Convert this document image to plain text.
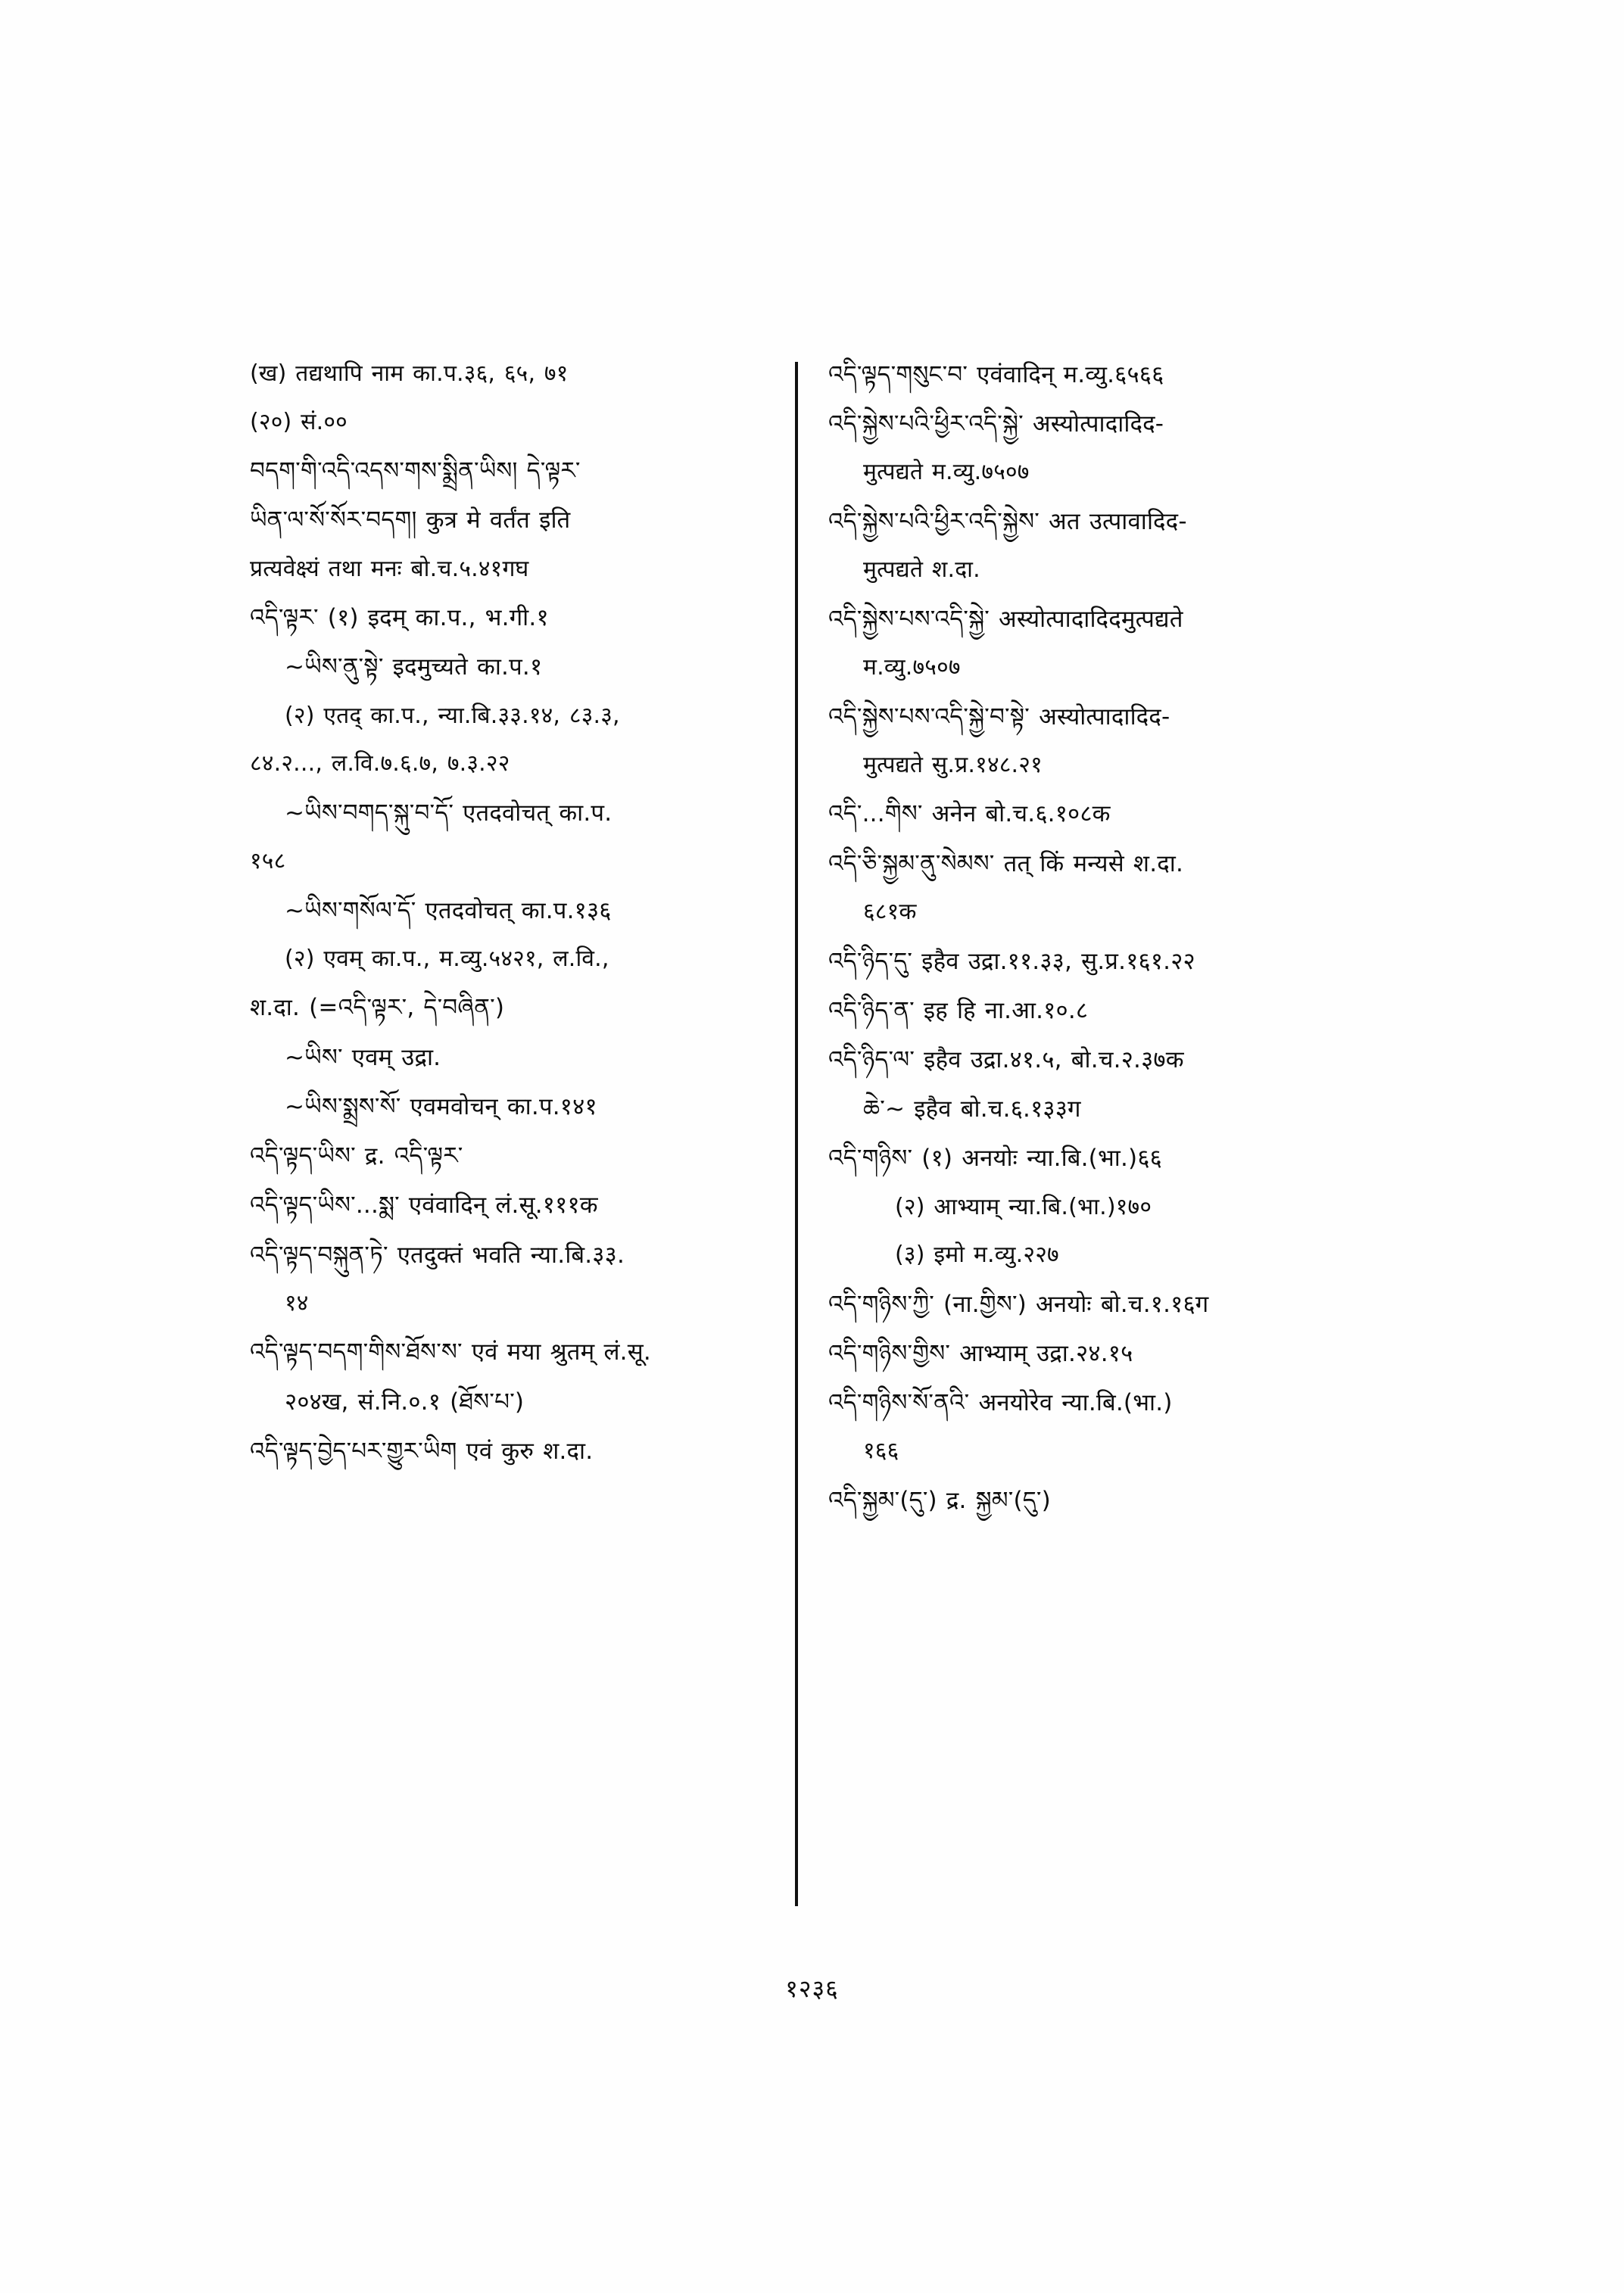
(ख) तद्यथापि नाम का.प.३६, ६५, ७१
(२०) सं.००
བདག་གི་འདི་འདས་གས་སྨྲིན་ཡིས། དེ་ལྟར་
ཡིན་ལ་སོ་སོར་བདག། कुत्र मे वर्तंत इति
प्रत्यवेक्ष्यं तथा मनः बो.च.५.४१गघ
འདི་ལྟར་ (१) इदम् का.प., भ.गी.१
~ཡིས་ནུ་སྟེ་ इदमुच्यते का.प.१
(२) एतद् का.प., न्या.बि.३३.१४, ८३.३,
८४.२..., ल.वि.७.६.७, ७.३.२२
~ཡིས་བགད་སྐུ་བ་དོ་ एतदवोचत् का.प.
१५८
~ཡིས་གསོལ་དོ་ एतदवोचत् का.प.१३६
(२) एवम् का.प., म.व्यु.५४२१, ल.वि.,
श.दा. (=འདི་ལྟར་, དེ་བཞིན་)
~ཡིས་ एवम् उद्रा.
~ཡིས་སྨྲས་སོ་ एवमवोचन् का.प.१४१
འདི་ལྟད་ཡིས་ द्र. འདི་ལྟར་
འདི་ལྟད་ཡིས་...སྨ་ एवंवादिन् लं.सू.१११क
འདི་ལྟད་བསྐུན་ཏེ་ एतदुक्तं भवति न्या.बि.३३.
१४
འདི་ལྟད་བདག་གིས་ཐོས་ས་ एवं मया श्रुतम् लं.सू.
२०४ख, सं.नि.०.१ (ཐོས་པ་)
འདི་ལྟད་བྱེད་པར་གྱུར་ཡིག एवं कुरु श.दा.
འདི་ལྟད་གསུང་བ་ एवंवादिन् म.व्यु.६५६६
འདི་སྐྱེས་པའི་ཕྱིར་འདི་སྐྱེ་ अस्योत्पादादिद-
मुत्पद्यते म.व्यु.७५०७
འདི་སྐྱེས་པའི་ཕྱིར་འདི་སྐྱེས་ अत उत्पावादिद-
मुत्पद्यते श.दा.
འདི་སྐྱེས་པས་འདི་སྐྱེ་ अस्योत्पादादिदमुत्पद्यते
म.व्यु.७५०७
འདི་སྐྱེས་པས་འདི་སྐྱེ་བ་སྟེ་ अस्योत्पादादिद-
मुत्पद्यते सु.प्र.१४८.२१
འདི་...གིས་ अनेन बो.च.६.१०८क
འདི་ཅི་སྐྱམ་ནུ་སེམས་ तत् किं मन्यसे श.दा.
६८१क
འདི་ཉིད་དུ་ इहैव उद्रा.११.३३, सु.प्र.१६१.२२
འདི་ཉིད་ན་ इह हि ना.आ.१०.८
འདི་ཉིད་ལ་ इहैव उद्रा.४१.५, बो.च.२.३७क
ཆེ་~ इहैव बो.च.६.१३३ग
འདི་གཉིས་ (१) अनयोः न्या.बि.(भा.)६६
(२) आभ्याम् न्या.बि.(भा.)१७०
(३) इमो म.व्यु.२२७
འདི་གཉིས་ཀྱི་ (ना.གྱིས་) अनयोः बो.च.१.१६ग
འདི་གཉིས་གྱིས་ आभ्याम् उद्रा.२४.१५
འདི་གཉིས་སོ་ནའི་ अनयोरेव न्या.बि.(भा.)
१६६
འདི་སྐྱམ་(དུ་) द्र. སྐྱམ་(དུ་)
१२३६
